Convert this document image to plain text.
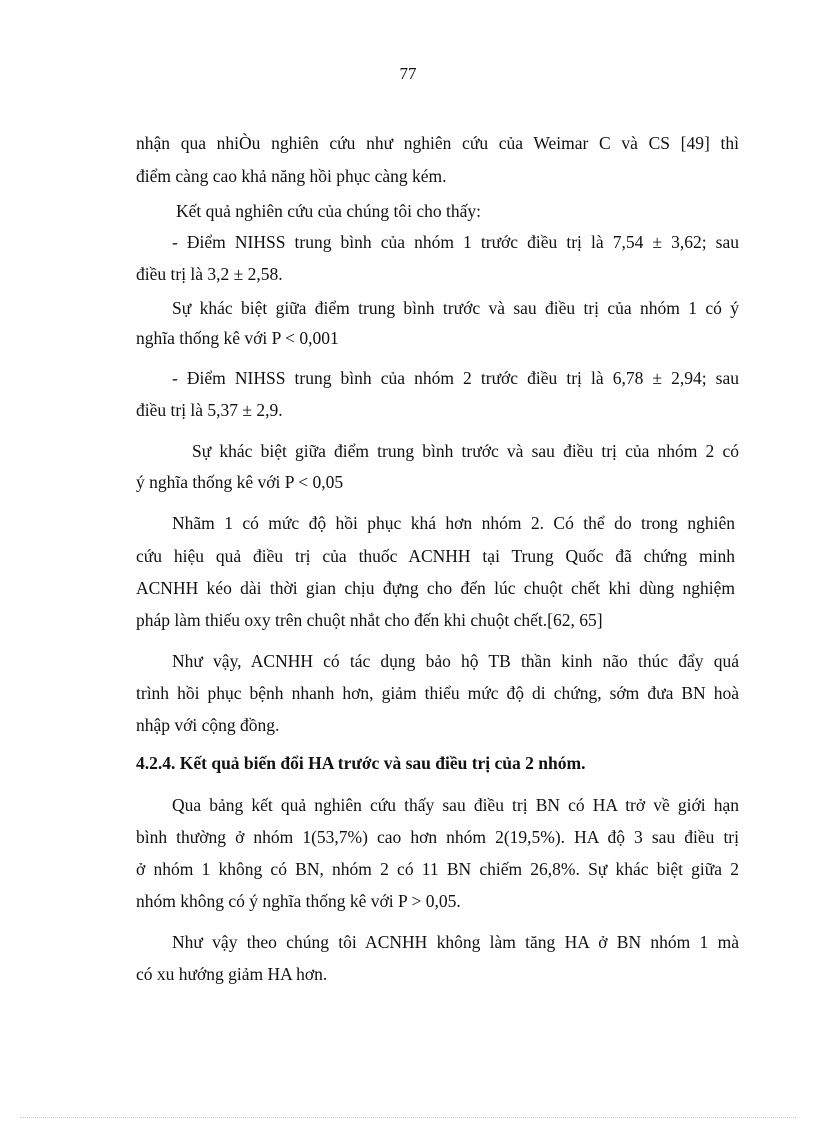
77
nhận qua nhiÒu nghiên cứu như nghiên cứu của Weimar C và CS [49] thì
điểm càng cao khả năng hồi phục càng kém.
Kết quả nghiên cứu của chúng tôi cho thấy:
- Điểm NIHSS trung bình của nhóm 1 trước điều trị là 7,54 ± 3,62; sau
điều trị là 3,2 ± 2,58.
Sự khác biệt giữa điểm trung bình trước và sau điều trị của nhóm 1 có ý
nghĩa thống kê với P < 0,001
- Điểm NIHSS trung bình của nhóm 2 trước điều trị là 6,78 ± 2,94; sau
điều trị là 5,37 ± 2,9.
Sự khác biệt giữa điểm trung bình trước và sau điều trị của nhóm 2 có
ý nghĩa thống kê với P < 0,05
Nhãm 1 có mức độ hồi phục khá hơn nhóm 2. Có thể do trong nghiên
cứu hiệu quả điều trị của thuốc ACNHH tại Trung Quốc đã chứng minh
ACNHH kéo dài thời gian chịu đựng cho đến lúc chuột chết khi dùng nghiệm
pháp làm thiếu oxy trên chuột nhắt cho đến khi chuột chết.[62, 65]
Như vậy, ACNHH có tác dụng bảo hộ TB thần kinh não thúc đẩy quá
trình hồi phục bệnh nhanh hơn, giảm thiểu mức độ di chứng, sớm đưa BN hoà
nhập với cộng đồng.
4.2.4. Kết quả biến đổi HA trước và sau điều trị của 2 nhóm.
Qua bảng kết quả nghiên cứu thấy sau điều trị BN có HA trở về giới hạn
bình thường ở nhóm 1(53,7%) cao hơn nhóm 2(19,5%). HA độ 3 sau điều trị
ở nhóm 1 không có BN, nhóm 2 có 11 BN chiếm 26,8%. Sự khác biệt giữa 2
nhóm không có ý nghĩa thống kê với P > 0,05.
Như vậy theo chúng tôi ACNHH không làm tăng HA ở BN nhóm 1 mà
có xu hướng giảm HA hơn.
